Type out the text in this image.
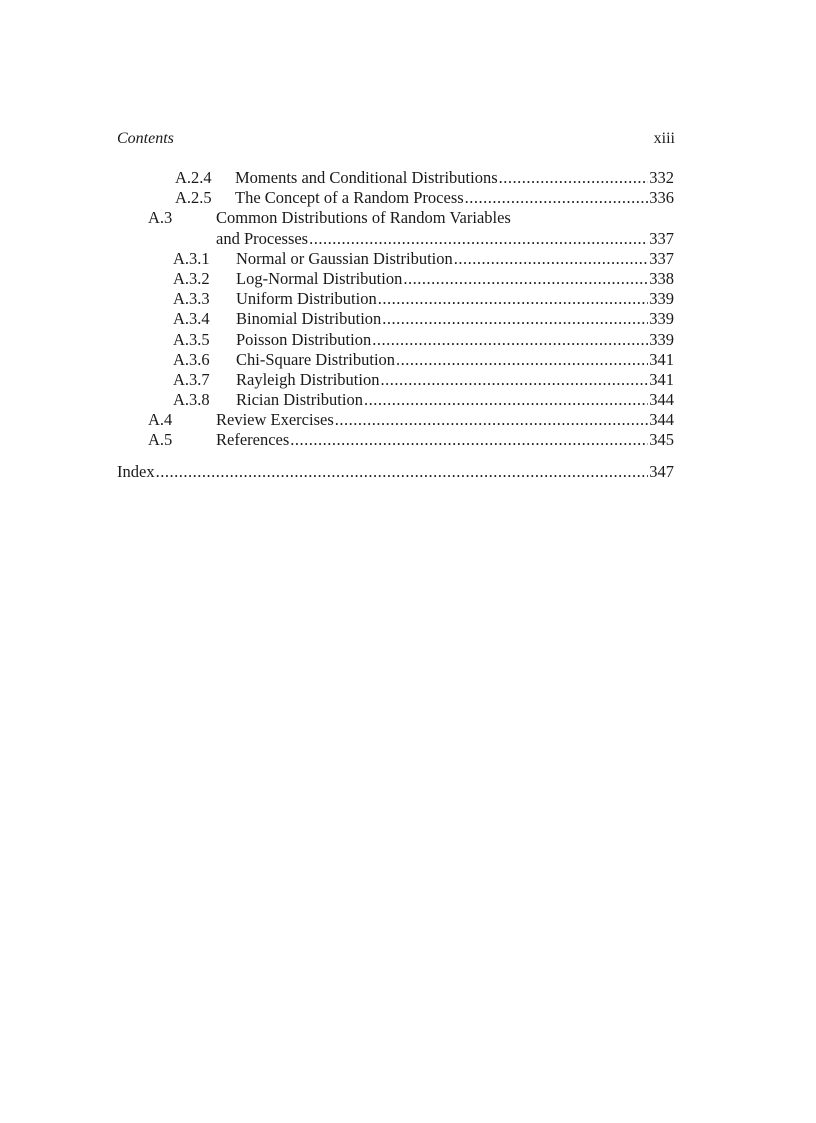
Contents	xiii
A.2.4 Moments and Conditional Distributions .....	332
A.2.5 The Concept of a Random Process .....	336
A.3	Common Distributions of Random Variables
and Processes .....	337
A.3.1 Normal or Gaussian Distribution .....	337
A.3.2 Log-Normal Distribution .....	338
A.3.3 Uniform Distribution .....	339
A.3.4 Binomial Distribution .....	339
A.3.5 Poisson Distribution .....	339
A.3.6 Chi-Square Distribution .....	341
A.3.7 Rayleigh Distribution .....	341
A.3.8 Rician Distribution .....	344
A.4	Review Exercises .....	344
A.5	References .....	345
Index .....	347
